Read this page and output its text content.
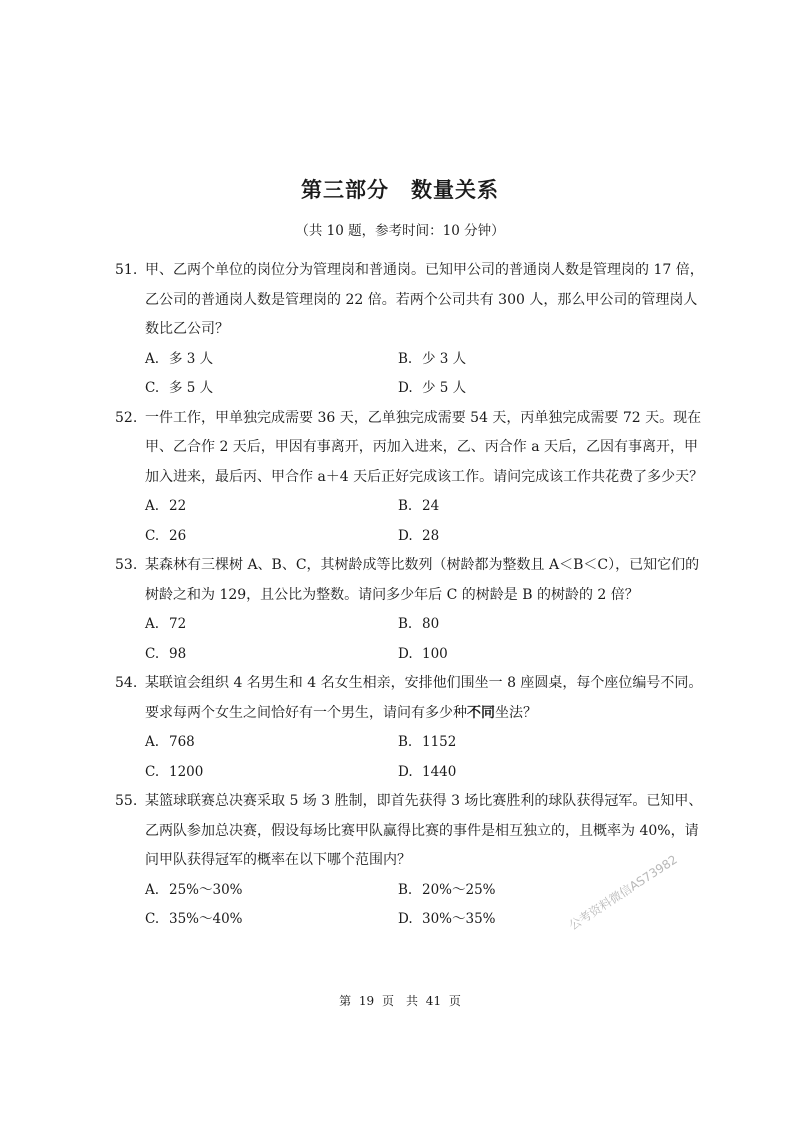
第三部分　数量关系
（共 10 题，参考时间：10 分钟）

51. 甲、乙两个单位的岗位分为管理岗和普通岗。已知甲公司的普通岗人数是管理岗的 17 倍，乙公司的普通岗人数是管理岗的 22 倍。若两个公司共有 300 人，那么甲公司的管理岗人数比乙公司？

A. 多 3 人	B. 少 3 人
C. 多 5 人	D. 少 5 人

52. 一件工作，甲单独完成需要 36 天，乙单独完成需要 54 天，丙单独完成需要 72 天。现在甲、乙合作 2 天后，甲因有事离开，丙加入进来，乙、丙合作 a 天后，乙因有事离开，甲加入进来，最后丙、甲合作 a＋4 天后正好完成该工作。请问完成该工作共花费了多少天？

A. 22	B. 24
C. 26	D. 28

53. 某森林有三棵树 A、B、C，其树龄成等比数列（树龄都为整数且 A＜B＜C），已知它们的树龄之和为 129，且公比为整数。请问多少年后 C 的树龄是 B 的树龄的 2 倍？

A. 72	B. 80
C. 98	D. 100

54. 某联谊会组织 4 名男生和 4 名女生相亲，安排他们围坐一 8 座圆桌，每个座位编号不同。要求每两个女生之间恰好有一个男生，请问有多少种不同坐法？

A. 768	B. 1152
C. 1200	D. 1440

55. 某篮球联赛总决赛采取 5 场 3 胜制，即首先获得 3 场比赛胜利的球队获得冠军。已知甲、乙两队参加总决赛，假设每场比赛甲队赢得比赛的事件是相互独立的，且概率为 40%，请问甲队获得冠军的概率在以下哪个范围内？

A. 25%～30%	B. 20%～25%
C. 35%～40%	D. 30%～35%	公考资料微信AS73982
第 19 页　共 41 页
